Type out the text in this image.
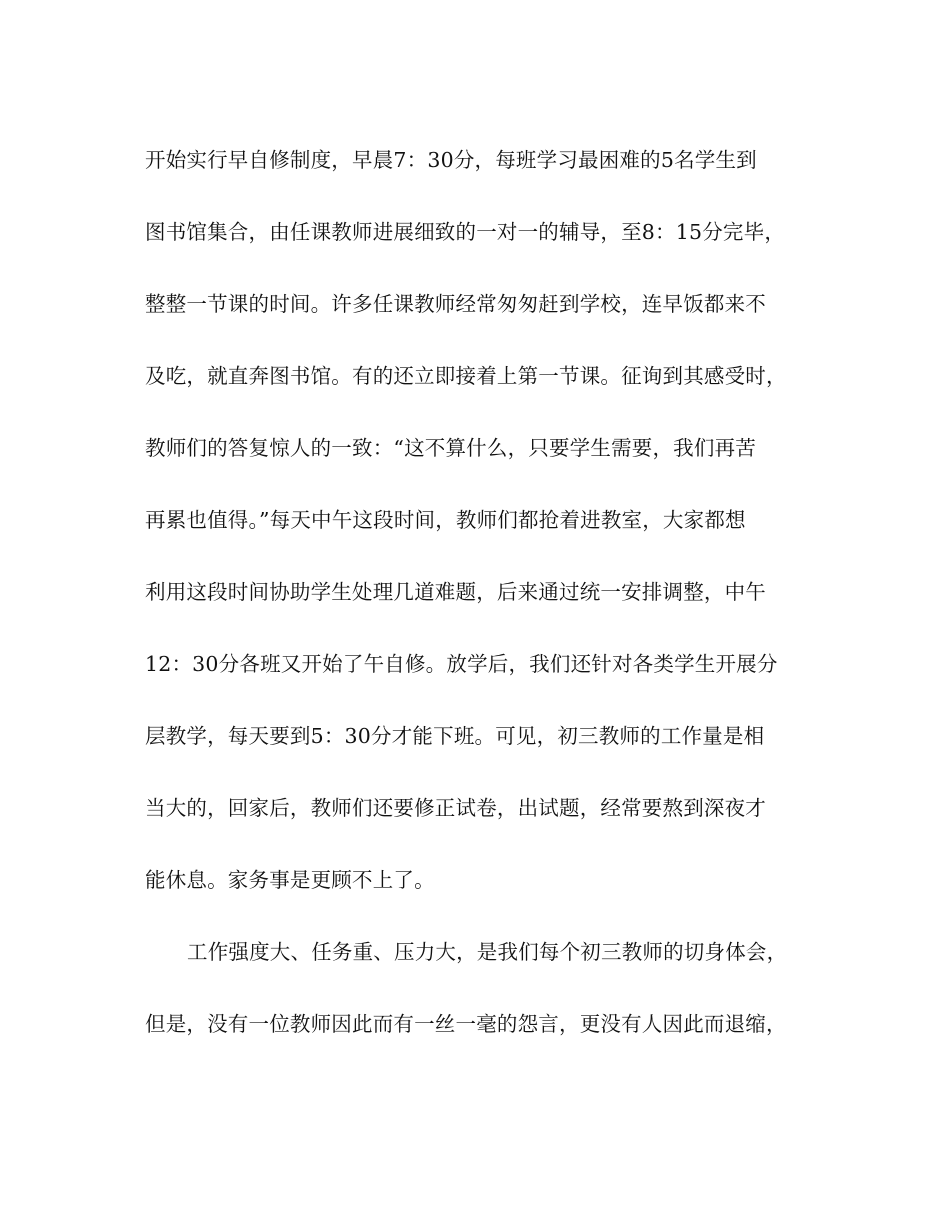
开始实行早自修制度，早晨7：30分，每班学习最困难的5名学生到
图书馆集合，由任课教师进展细致的一对一的辅导，至8：15分完毕，
整整一节课的时间。许多任课教师经常匆匆赶到学校，连早饭都来不
及吃，就直奔图书馆。有的还立即接着上第一节课。征询到其感受时，
教师们的答复惊人的一致：“这不算什么，只要学生需要，我们再苦
再累也值得。”每天中午这段时间，教师们都抢着进教室，大家都想
利用这段时间协助学生处理几道难题，后来通过统一安排调整，中午
12：30分各班又开始了午自修。放学后，我们还针对各类学生开展分
层教学，每天要到5：30分才能下班。可见，初三教师的工作量是相
当大的，回家后，教师们还要修正试卷，出试题，经常要熬到深夜才
能休息。家务事是更顾不上了。
工作强度大、任务重、压力大，是我们每个初三教师的切身体会，
但是，没有一位教师因此而有一丝一毫的怨言，更没有人因此而退缩，
